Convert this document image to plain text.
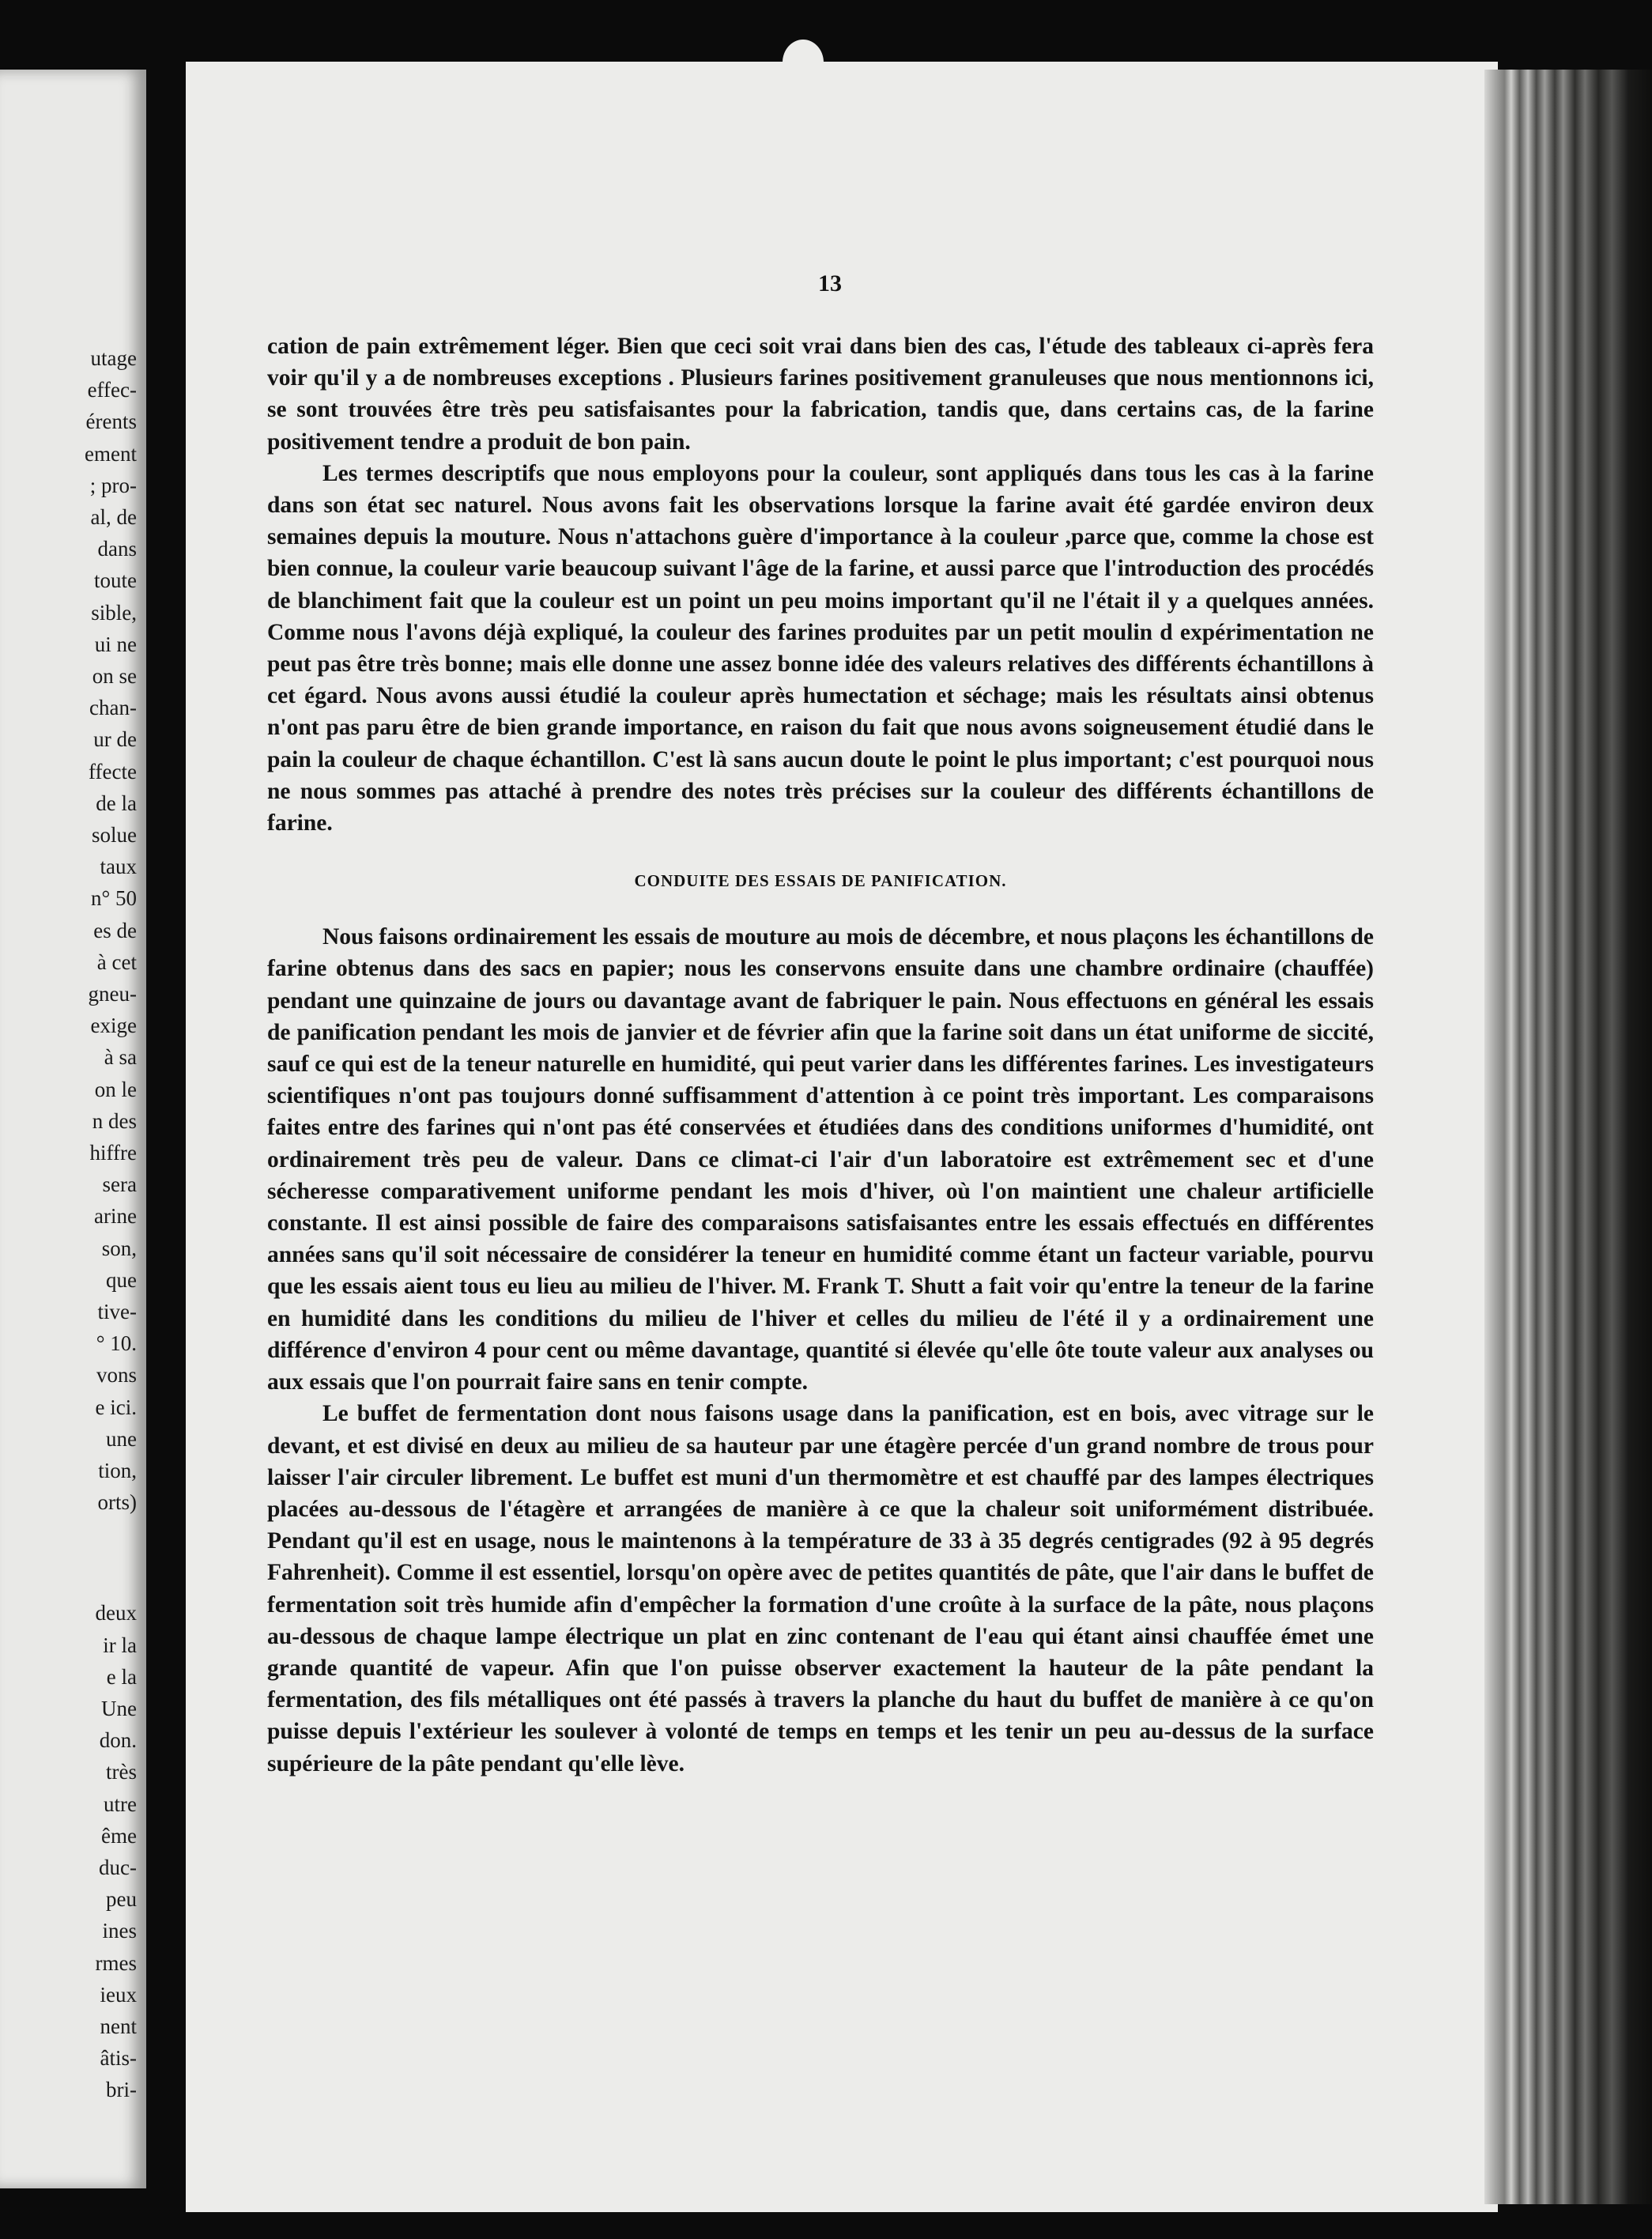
utage
effec-
érents
ement
; pro-
al, de
dans
toute
sible,
ui ne
on se
chan-
ur de
ffecte
de la
solue
taux
n° 50
es de
à cet
gneu-
exige
à sa
on le
n des
hiffre
sera
arine
son,
que
tive-
° 10.
vons
e ici.
une
tion,
orts)
deux
ir la
e la
Une
don.
très
utre
ême
duc-
peu
ines
rmes
ieux
nent
âtis-
bri-
13

cation de pain extrêmement léger. Bien que ceci soit vrai dans bien des cas, l'étude des tableaux ci-après fera voir qu'il y a de nombreuses exceptions . Plusieurs farines positivement granuleuses que nous mentionnons ici, se sont trouvées être très peu satisfaisantes pour la fabrication, tandis que, dans certains cas, de la farine positivement tendre a produit de bon pain.

Les termes descriptifs que nous employons pour la couleur, sont appliqués dans tous les cas à la farine dans son état sec naturel. Nous avons fait les observations lorsque la farine avait été gardée environ deux semaines depuis la mouture. Nous n'attachons guère d'importance à la couleur ,parce que, comme la chose est bien connue, la couleur varie beaucoup suivant l'âge de la farine, et aussi parce que l'introduction des procédés de blanchiment fait que la couleur est un point un peu moins important qu'il ne l'était il y a quelques années. Comme nous l'avons déjà expliqué, la couleur des farines produites par un petit moulin d expérimentation ne peut pas être très bonne; mais elle donne une assez bonne idée des valeurs relatives des différents échantillons à cet égard. Nous avons aussi étudié la couleur après humectation et séchage; mais les résultats ainsi obtenus n'ont pas paru être de bien grande importance, en raison du fait que nous avons soigneusement étudié dans le pain la couleur de chaque échantillon. C'est là sans aucun doute le point le plus important; c'est pourquoi nous ne nous sommes pas attaché à prendre des notes très précises sur la couleur des différents échantillons de farine.

CONDUITE DES ESSAIS DE PANIFICATION.

Nous faisons ordinairement les essais de mouture au mois de décembre, et nous plaçons les échantillons de farine obtenus dans des sacs en papier; nous les conservons ensuite dans une chambre ordinaire (chauffée) pendant une quinzaine de jours ou davantage avant de fabriquer le pain. Nous effectuons en général les essais de panification pendant les mois de janvier et de février afin que la farine soit dans un état uniforme de siccité, sauf ce qui est de la teneur naturelle en humidité, qui peut varier dans les différentes farines. Les investigateurs scientifiques n'ont pas toujours donné suffisamment d'attention à ce point très important. Les comparaisons faites entre des farines qui n'ont pas été conservées et étudiées dans des conditions uniformes d'humidité, ont ordinairement très peu de valeur. Dans ce climat-ci l'air d'un laboratoire est extrêmement sec et d'une sécheresse comparativement uniforme pendant les mois d'hiver, où l'on maintient une chaleur artificielle constante. Il est ainsi possible de faire des comparaisons satisfaisantes entre les essais effectués en différentes années sans qu'il soit nécessaire de considérer la teneur en humidité comme étant un facteur variable, pourvu que les essais aient tous eu lieu au milieu de l'hiver. M. Frank T. Shutt a fait voir qu'entre la teneur de la farine en humidité dans les conditions du milieu de l'hiver et celles du milieu de l'été il y a ordinairement une différence d'environ 4 pour cent ou même davantage, quantité si élevée qu'elle ôte toute valeur aux analyses ou aux essais que l'on pourrait faire sans en tenir compte.

Le buffet de fermentation dont nous faisons usage dans la panification, est en bois, avec vitrage sur le devant, et est divisé en deux au milieu de sa hauteur par une étagère percée d'un grand nombre de trous pour laisser l'air circuler librement. Le buffet est muni d'un thermomètre et est chauffé par des lampes électriques placées au-dessous de l'étagère et arrangées de manière à ce que la chaleur soit uniformément distribuée. Pendant qu'il est en usage, nous le maintenons à la température de 33 à 35 degrés centigrades (92 à 95 degrés Fahrenheit). Comme il est essentiel, lorsqu'on opère avec de petites quantités de pâte, que l'air dans le buffet de fermentation soit très humide afin d'empêcher la formation d'une croûte à la surface de la pâte, nous plaçons au-dessous de chaque lampe électrique un plat en zinc contenant de l'eau qui étant ainsi chauffée émet une grande quantité de vapeur. Afin que l'on puisse observer exactement la hauteur de la pâte pendant la fermentation, des fils métalliques ont été passés à travers la planche du haut du buffet de manière à ce qu'on puisse depuis l'extérieur les soulever à volonté de temps en temps et les tenir un peu au-dessus de la surface supérieure de la pâte pendant qu'elle lève.
